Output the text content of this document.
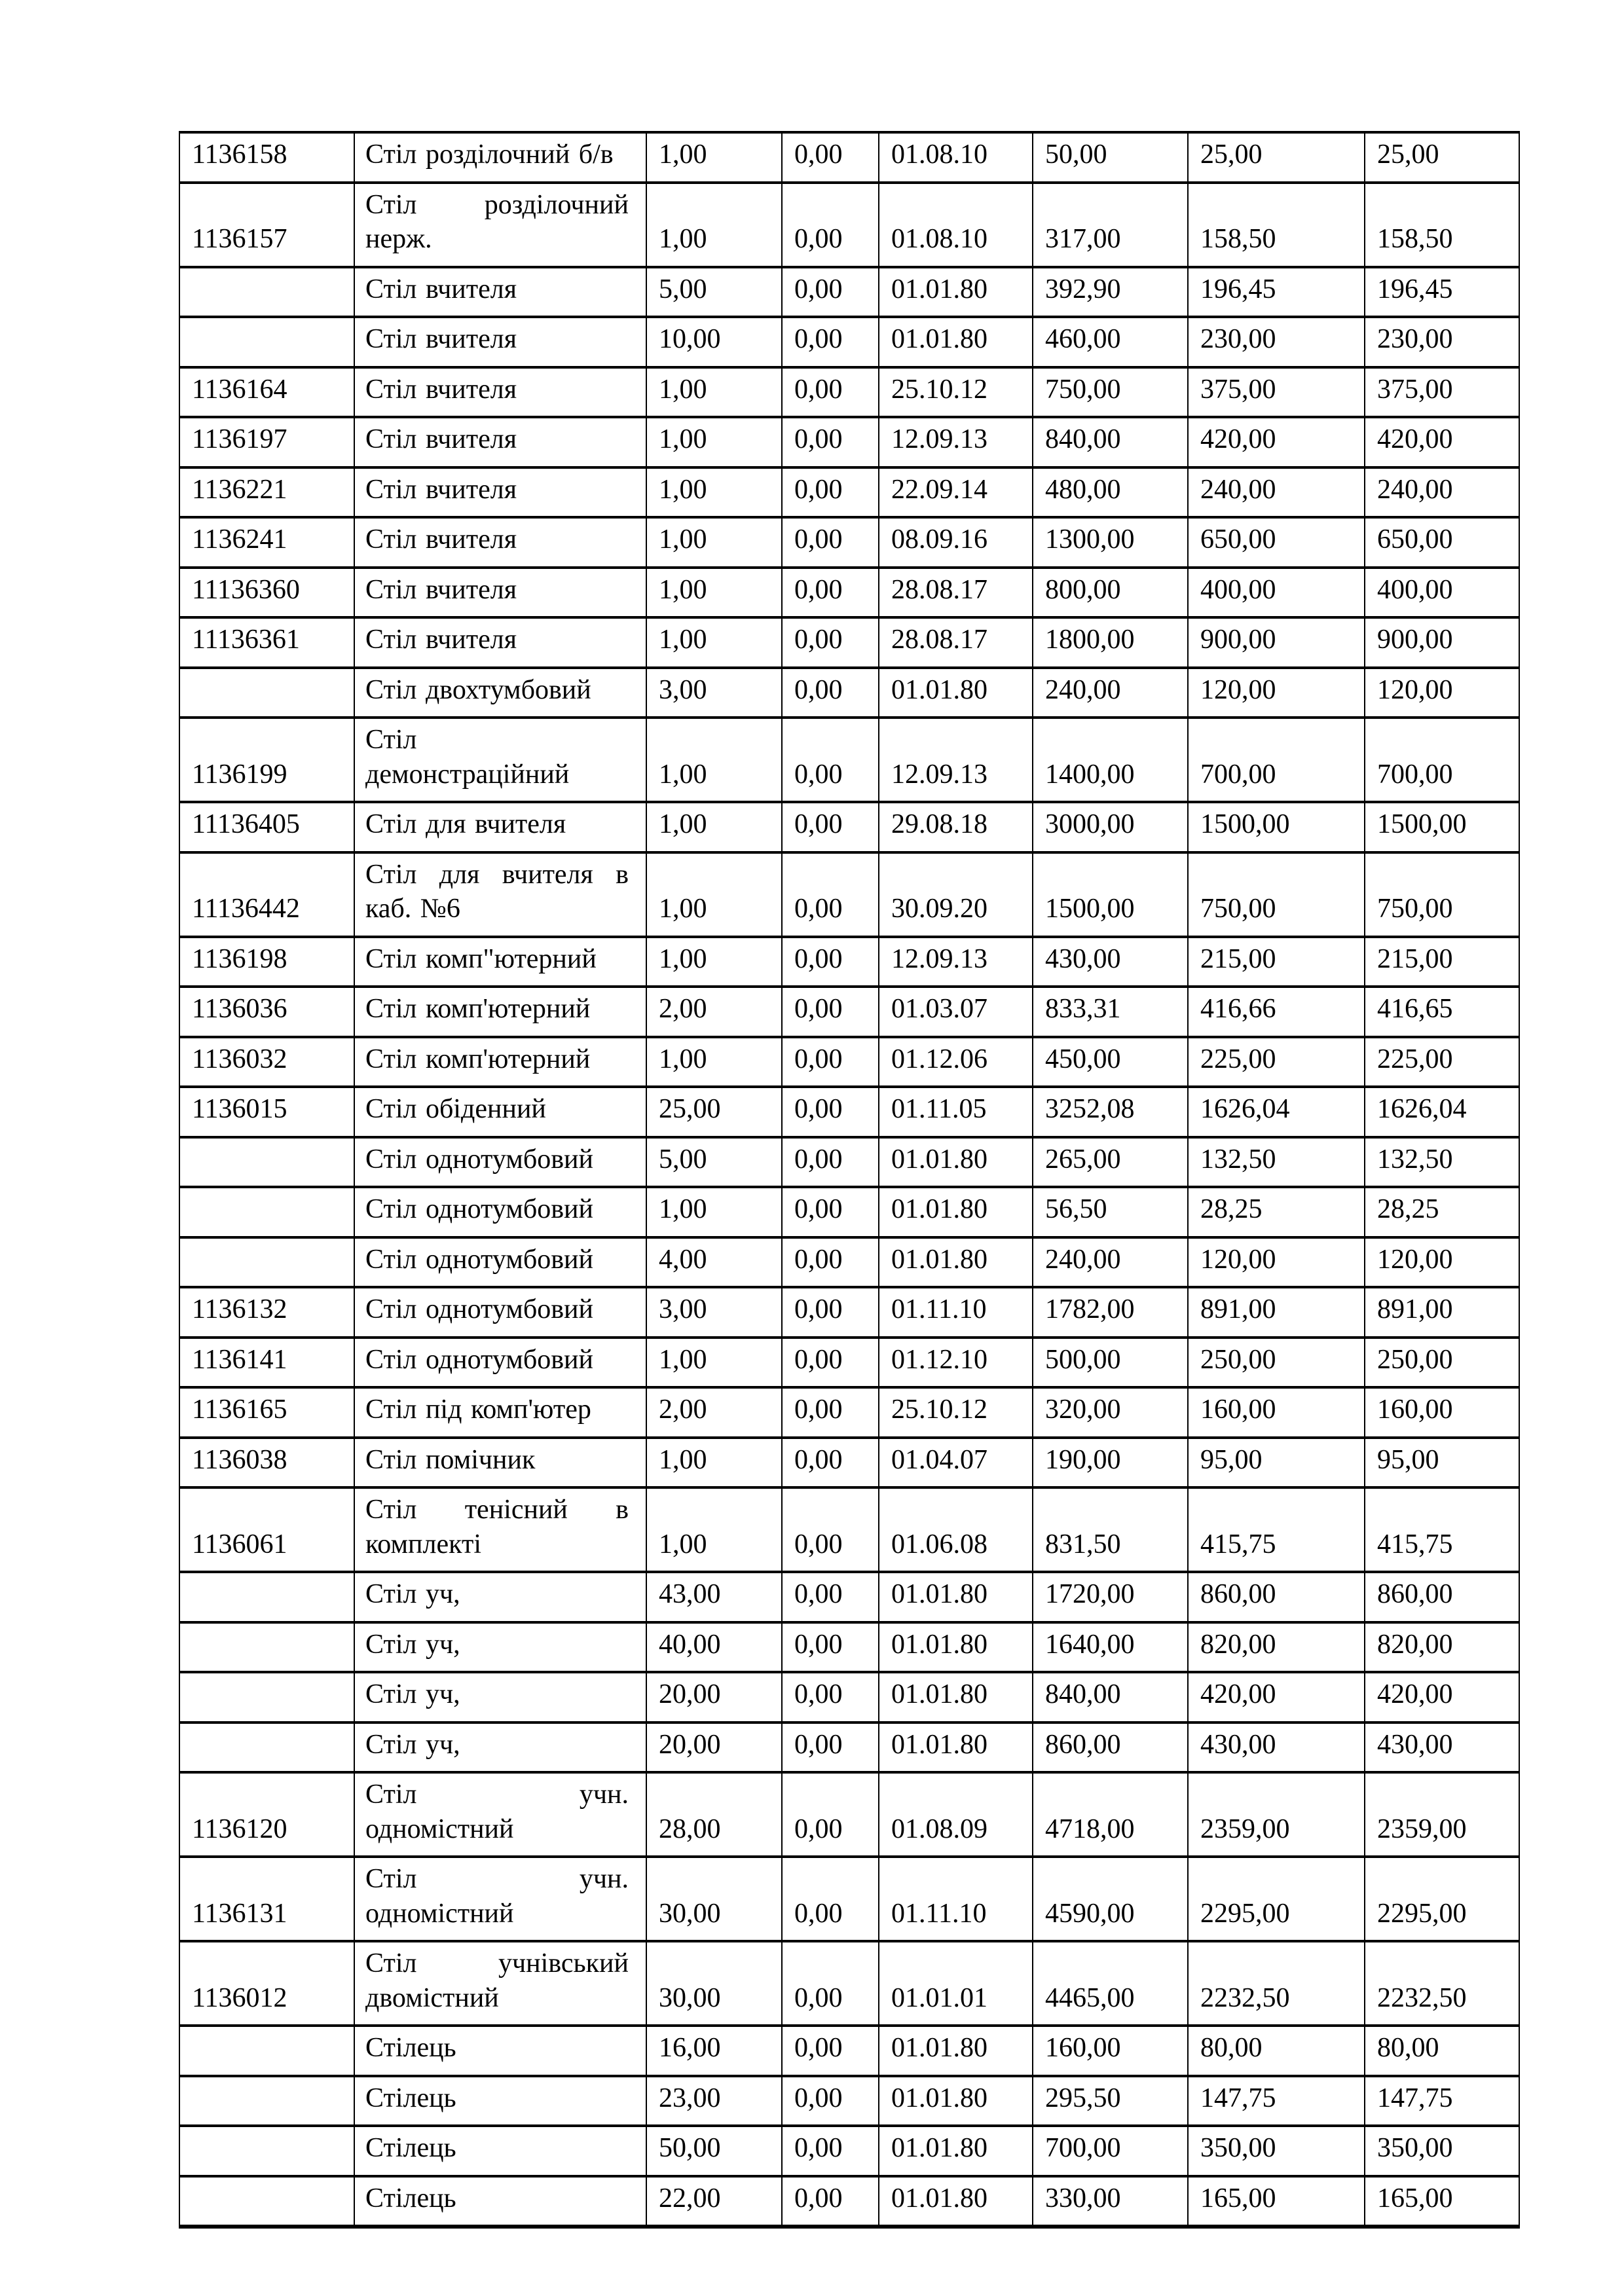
1136158	Стіл розділочний б/в	1,00	0,00	01.08.10	50,00	25,00	25,00
1136157	Стіл розділочний нерж.	1,00	0,00	01.08.10	317,00	158,50	158,50
	Стіл вчителя	5,00	0,00	01.01.80	392,90	196,45	196,45
	Стіл вчителя	10,00	0,00	01.01.80	460,00	230,00	230,00
1136164	Стіл вчителя	1,00	0,00	25.10.12	750,00	375,00	375,00
1136197	Стіл вчителя	1,00	0,00	12.09.13	840,00	420,00	420,00
1136221	Стіл вчителя	1,00	0,00	22.09.14	480,00	240,00	240,00
1136241	Стіл вчителя	1,00	0,00	08.09.16	1300,00	650,00	650,00
11136360	Стіл вчителя	1,00	0,00	28.08.17	800,00	400,00	400,00
11136361	Стіл вчителя	1,00	0,00	28.08.17	1800,00	900,00	900,00
	Стіл двохтумбовий	3,00	0,00	01.01.80	240,00	120,00	120,00
1136199	Стіл демонстраційний	1,00	0,00	12.09.13	1400,00	700,00	700,00
11136405	Стіл для вчителя	1,00	0,00	29.08.18	3000,00	1500,00	1500,00
11136442	Стіл для вчителя в каб. №6	1,00	0,00	30.09.20	1500,00	750,00	750,00
1136198	Стіл комп"ютерний	1,00	0,00	12.09.13	430,00	215,00	215,00
1136036	Стіл комп'ютерний	2,00	0,00	01.03.07	833,31	416,66	416,65
1136032	Стіл комп'ютерний	1,00	0,00	01.12.06	450,00	225,00	225,00
1136015	Стіл обіденний	25,00	0,00	01.11.05	3252,08	1626,04	1626,04
	Стіл однотумбовий	5,00	0,00	01.01.80	265,00	132,50	132,50
	Стіл однотумбовий	1,00	0,00	01.01.80	56,50	28,25	28,25
	Стіл однотумбовий	4,00	0,00	01.01.80	240,00	120,00	120,00
1136132	Стіл однотумбовий	3,00	0,00	01.11.10	1782,00	891,00	891,00
1136141	Стіл однотумбовий	1,00	0,00	01.12.10	500,00	250,00	250,00
1136165	Стіл під комп'ютер	2,00	0,00	25.10.12	320,00	160,00	160,00
1136038	Стіл помічник	1,00	0,00	01.04.07	190,00	95,00	95,00
1136061	Стіл тенісний в комплекті	1,00	0,00	01.06.08	831,50	415,75	415,75
	Стіл уч,	43,00	0,00	01.01.80	1720,00	860,00	860,00
	Стіл уч,	40,00	0,00	01.01.80	1640,00	820,00	820,00
	Стіл уч,	20,00	0,00	01.01.80	840,00	420,00	420,00
	Стіл уч,	20,00	0,00	01.01.80	860,00	430,00	430,00
1136120	Стіл учн. одномістний	28,00	0,00	01.08.09	4718,00	2359,00	2359,00
1136131	Стіл учн. одномістний	30,00	0,00	01.11.10	4590,00	2295,00	2295,00
1136012	Стіл учнівський двомістний	30,00	0,00	01.01.01	4465,00	2232,50	2232,50
	Стілець	16,00	0,00	01.01.80	160,00	80,00	80,00
	Стілець	23,00	0,00	01.01.80	295,50	147,75	147,75
	Стілець	50,00	0,00	01.01.80	700,00	350,00	350,00
	Стілець	22,00	0,00	01.01.80	330,00	165,00	165,00
